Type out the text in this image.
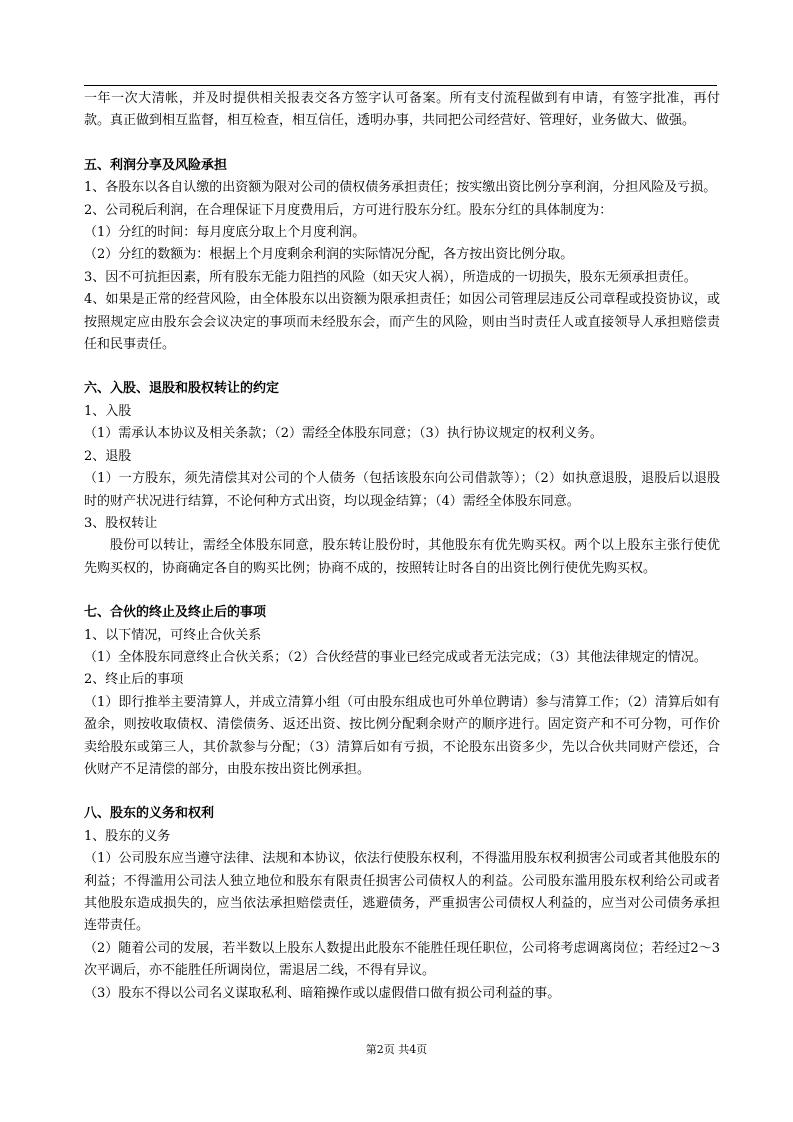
一年一次大清帐，并及时提供相关报表交各方签字认可备案。所有支付流程做到有申请，有签字批准，再付款。真正做到相互监督，相互检查，相互信任，透明办事，共同把公司经营好、管理好，业务做大、做强。

五、利润分享及风险承担

1、各股东以各自认缴的出资额为限对公司的债权债务承担责任；按实缴出资比例分享利润，分担风险及亏损。

2、公司税后利润，在合理保证下月度费用后，方可进行股东分红。股东分红的具体制度为：

（1）分红的时间：每月度底分取上个月度利润。

（2）分红的数额为：根据上个月度剩余利润的实际情况分配，各方按出资比例分取。

3、因不可抗拒因素，所有股东无能力阻挡的风险（如天灾人祸），所造成的一切损失，股东无须承担责任。

4、如果是正常的经营风险，由全体股东以出资额为限承担责任；如因公司管理层违反公司章程或投资协议，或按照规定应由股东会会议决定的事项而未经股东会，而产生的风险，则由当时责任人或直接领导人承担赔偿责任和民事责任。

六、入股、退股和股权转让的约定

1、入股

（1）需承认本协议及相关条款；（2）需经全体股东同意；（3）执行协议规定的权利义务。

2、退股

（1）一方股东，须先清偿其对公司的个人债务（包括该股东向公司借款等）；（2）如执意退股，退股后以退股时的财产状况进行结算，不论何种方式出资，均以现金结算；（4）需经全体股东同意。

3、股权转让

股份可以转让，需经全体股东同意，股东转让股份时，其他股东有优先购买权。两个以上股东主张行使优先购买权的，协商确定各自的购买比例；协商不成的，按照转让时各自的出资比例行使优先购买权。

七、合伙的终止及终止后的事项

1、以下情况，可终止合伙关系

（1）全体股东同意终止合伙关系；（2）合伙经营的事业已经完成或者无法完成；（3）其他法律规定的情况。

2、终止后的事项

（1）即行推举主要清算人，并成立清算小组（可由股东组成也可外单位聘请）参与清算工作；（2）清算后如有盈余，则按收取债权、清偿债务、返还出资、按比例分配剩余财产的顺序进行。固定资产和不可分物，可作价卖给股东或第三人，其价款参与分配；（3）清算后如有亏损，不论股东出资多少，先以合伙共同财产偿还，合伙财产不足清偿的部分，由股东按出资比例承担。

八、股东的义务和权利

1、股东的义务

（1）公司股东应当遵守法律、法规和本协议，依法行使股东权利，不得滥用股东权利损害公司或者其他股东的利益；不得滥用公司法人独立地位和股东有限责任损害公司债权人的利益。公司股东滥用股东权利给公司或者其他股东造成损失的，应当依法承担赔偿责任，逃避债务，严重损害公司债权人利益的，应当对公司债务承担连带责任。

（2）随着公司的发展，若半数以上股东人数提出此股东不能胜任现任职位，公司将考虑调离岗位；若经过2～3次平调后，亦不能胜任所调岗位，需退居二线，不得有异议。

（3）股东不得以公司名义谋取私利、暗箱操作或以虚假借口做有损公司利益的事。

第2页 共4页
